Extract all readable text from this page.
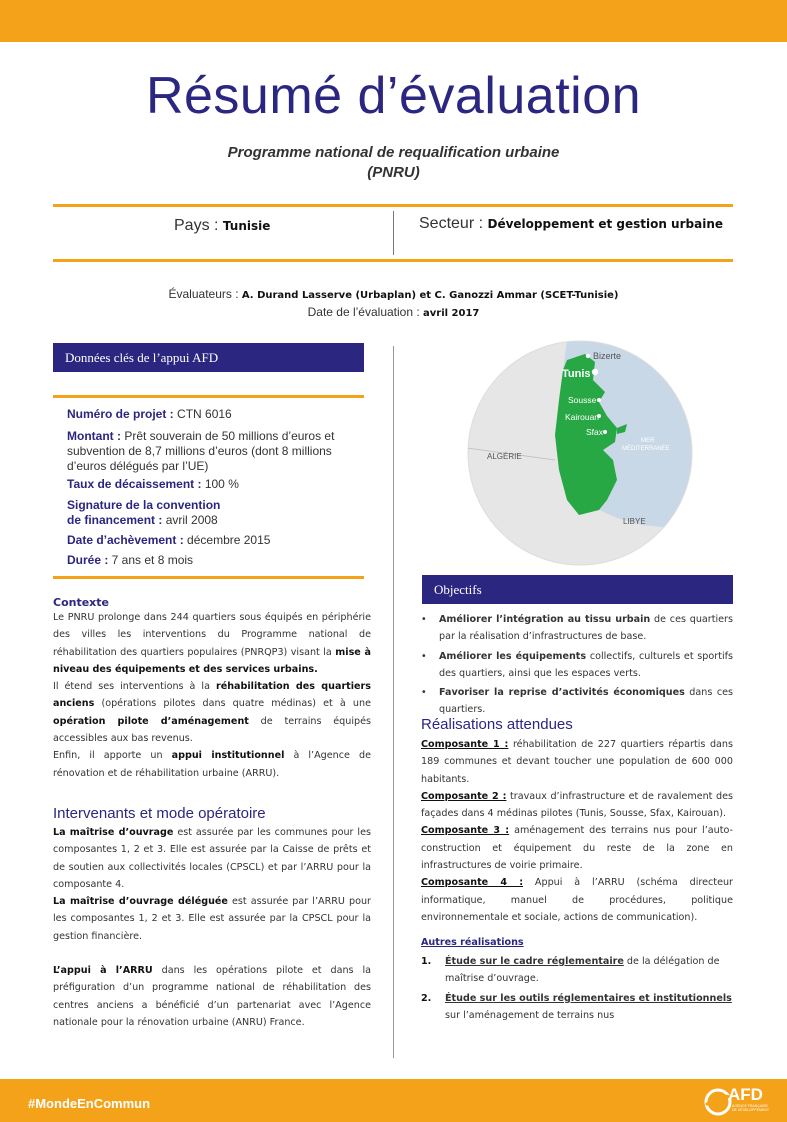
Résumé d’évaluation
Programme national de requalification urbaine
(PNRU)
Pays : Tunisie	Secteur : Développement et gestion urbaine
Évaluateurs : A. Durand Lasserve (Urbaplan) et C. Ganozzi Ammar (SCET-Tunisie)
Date de l’évaluation : avril 2017
Données clés de l’appui AFD
Numéro de projet : CTN 6016
Montant : Prêt souverain de 50 millions d’euros et subvention de 8,7 millions d’euros (dont 8 millions d’euros délégués par l’UE)
Taux de décaissement : 100 %
Signature de la convention
de financement : avril 2008
Date d’achèvement : décembre 2015
Durée : 7 ans et 8 mois
Bizerte
Tunis
Sousse
Kairouan
Sfax
MER
MÉDITERRANÉE
ALGÉRIE
LIBYE
Contexte

Le PNRU prolonge dans 244 quartiers sous équipés en périphérie des villes les interventions du Programme national de réhabilitation des quartiers populaires (PNRQP3) visant la mise à niveau des équipements et des services urbains.

Il étend ses interventions à la réhabilitation des quartiers anciens (opérations pilotes dans quatre médinas) et à une opération pilote d’aménagement de terrains équipés accessibles aux bas revenus.

Enfin, il apporte un appui institutionnel à l’Agence de rénovation et de réhabilitation urbaine (ARRU).

Intervenants et mode opératoire

La maîtrise d’ouvrage est assurée par les communes pour les composantes 1, 2 et 3. Elle est assurée par la Caisse de prêts et de soutien aux collectivités locales (CPSCL) et par l’ARRU pour la composante 4.

La maîtrise d’ouvrage déléguée est assurée par l’ARRU pour les composantes 1, 2 et 3. Elle est assurée par la CPSCL pour la gestion financière.

L’appui à l’ARRU dans les opérations pilote et dans la préfiguration d’un programme national de réhabilitation des centres anciens a bénéficié d’un partenariat avec l’Agence nationale pour la rénovation urbaine (ANRU) France.

Objectifs
• Améliorer l’intégration au tissu urbain de ces quartiers par la réalisation d’infrastructures de base.
• Améliorer les équipements collectifs, culturels et sportifs des quartiers, ainsi que les espaces verts.
• Favoriser la reprise d’activités économiques dans ces quartiers.
Réalisations attendues

Composante 1 : réhabilitation de 227 quartiers répartis dans 189 communes et devant toucher une population de 600 000 habitants.

Composante 2 : travaux d’infrastructure et de ravalement des façades dans 4 médinas pilotes (Tunis, Sousse, Sfax, Kairouan).

Composante 3 : aménagement des terrains nus pour l’auto-construction et équipement du reste de la zone en infrastructures de voirie primaire.

Composante 4 : Appui à l’ARRU (schéma directeur informatique, manuel de procédures, politique environnementale et sociale, actions de communication).

Autres réalisations
1. Étude sur le cadre réglementaire de la délégation de maîtrise d’ouvrage.
2. Étude sur les outils réglementaires et institutionnels sur l’aménagement de terrains nus
#MondeEnCommun	AFD
AGENCE FRANÇAISE
DE DÉVELOPPEMENT
